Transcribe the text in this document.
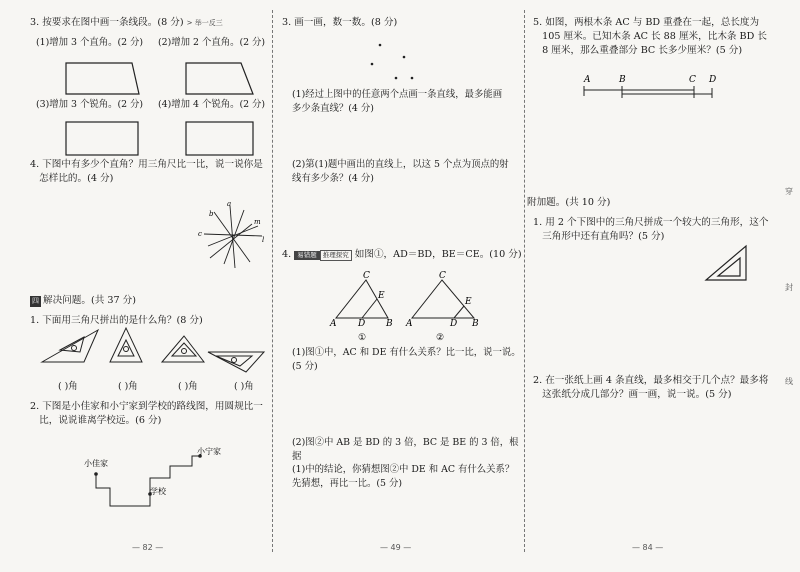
3. 按要求在图中画一条线段。(8 分) > 举一反三

(1)增加 3 个直角。(2 分) (2)增加 2 个直角。(2 分)

(3)增加 3 个锐角。(2 分) (4)增加 4 个锐角。(2 分)

4. 下图中有多少个直角？用三角尺比一比，说一说你是
怎样比的。(4 分)

四 解决问题。(共 37 分)

1. 下面用三角尺拼出的是什么角？(8 分)

( )角	( )角	( )角	( )角

2. 下图是小佳家和小宁家到学校的路线图，用圆规比一
比，说说谁离学校远。(6 分)

b
a
m
c
l
小佳家
小宁家
学校

3. 画一画，数一数。(8 分)

(1)经过上图中的任意两个点画一条直线，最多能画
多少条直线？(4 分)

(2)第(1)题中画出的直线上，以这 5 个点为顶点的射
线有多少条？(4 分)

4. 易错题 推理探究 如图①，AD＝BD，BE＝CE。(10 分)

(1)图①中，AC 和 DE 有什么关系？比一比，说一说。
(5 分)

(2)图②中 AB 是 BD 的 3 倍，BC 是 BE 的 3 倍，根据
(1)中的结论，你猜想图②中 DE 和 AC 有什么关系？
先猜想，再比一比。(5 分)

C
A D B
E
①
C
A	D B
E
②

5. 如图，两根木条 AC 与 BD 重叠在一起，总长度为
105 厘米。已知木条 AC 长 88 厘米，比木条 BD 长
8 厘米，那么重叠部分 BC 长多少厘米？(5 分)

附加题。(共 10 分)

1. 用 2 个下图中的三角尺拼成一个较大的三角形，这个
三角形中还有直角吗？(5 分)

2. 在一张纸上画 4 条直线，最多相交于几个点？最多将
这张纸分成几部分？画一画，说一说。(5 分)

A	B	C D
穿
封
线
— 82 —	— 49 —	— 84 —
